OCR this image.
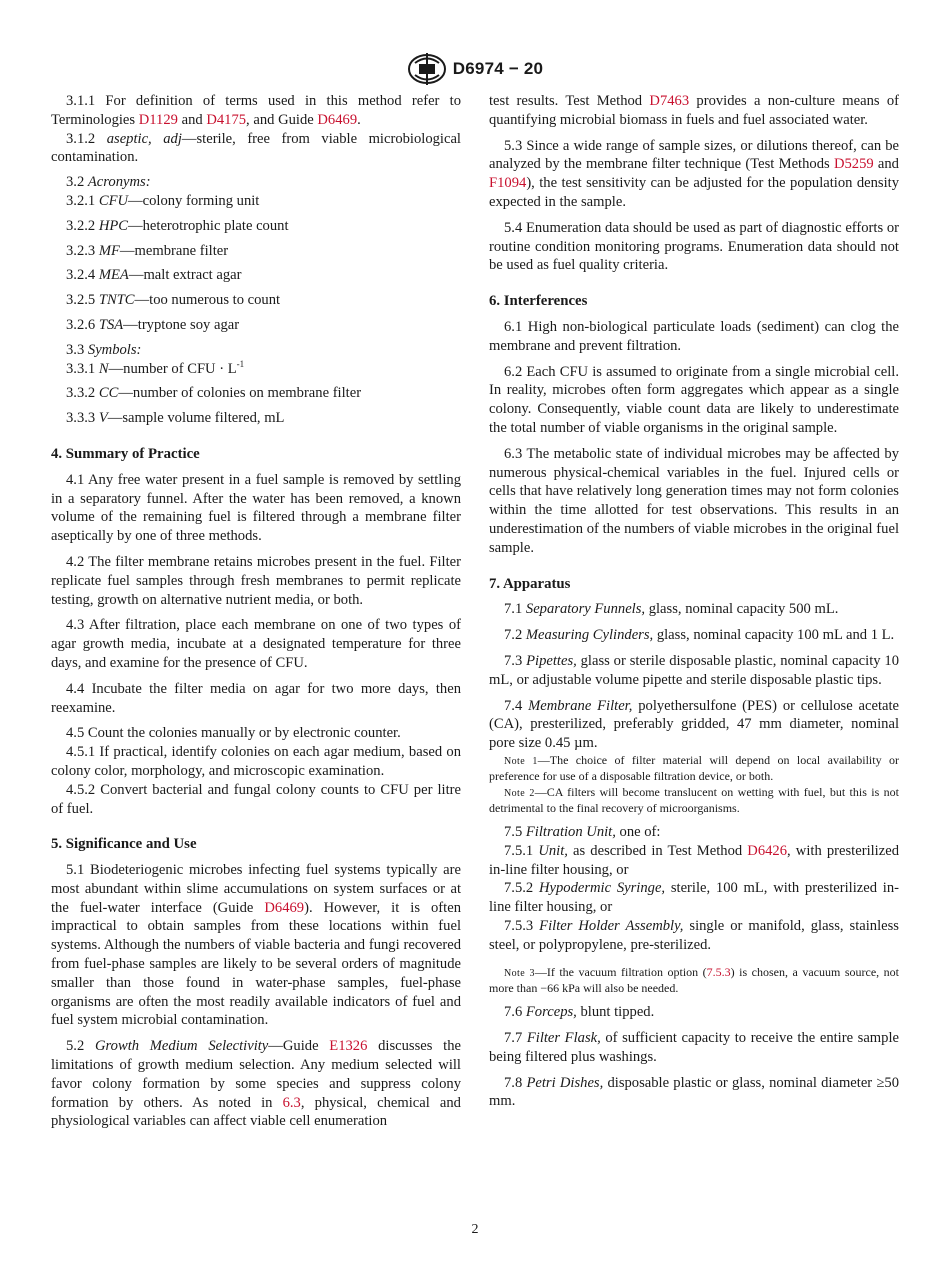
D6974 − 20

3.1.1 For definition of terms used in this method refer to Terminologies D1129 and D4175, and Guide D6469.

3.1.2 aseptic, adj—sterile, free from viable microbiological contamination.

3.2 Acronyms:

3.2.1 CFU—colony forming unit

3.2.2 HPC—heterotrophic plate count

3.2.3 MF—membrane filter

3.2.4 MEA—malt extract agar

3.2.5 TNTC—too numerous to count

3.2.6 TSA—tryptone soy agar

3.3 Symbols:

3.3.1 N—number of CFU · $L^{-1}$

3.3.2 CC—number of colonies on membrane filter

3.3.3 V—sample volume filtered, mL

4. Summary of Practice

4.1 Any free water present in a fuel sample is removed by settling in a separatory funnel. After the water has been removed, a known volume of the remaining fuel is filtered through a membrane filter aseptically by one of three methods.

4.2 The filter membrane retains microbes present in the fuel. Filter replicate fuel samples through fresh membranes to permit replicate testing, growth on alternative nutrient media, or both.

4.3 After filtration, place each membrane on one of two types of agar growth media, incubate at a designated temperature for three days, and examine for the presence of CFU.

4.4 Incubate the filter media on agar for two more days, then reexamine.

4.5 Count the colonies manually or by electronic counter.

4.5.1 If practical, identify colonies on each agar medium, based on colony color, morphology, and microscopic examination.

4.5.2 Convert bacterial and fungal colony counts to CFU per litre of fuel.

5. Significance and Use

5.1 Biodeteriogenic microbes infecting fuel systems typically are most abundant within slime accumulations on system surfaces or at the fuel-water interface (Guide D6469). However, it is often impractical to obtain samples from these locations within fuel systems. Although the numbers of viable bacteria and fungi recovered from fuel-phase samples are likely to be several orders of magnitude smaller than those found in water-phase samples, fuel-phase organisms are often the most readily available indicators of fuel and fuel system microbial contamination.

5.2 Growth Medium Selectivity—Guide E1326 discusses the limitations of growth medium selection. Any medium selected will favor colony formation by some species and suppress colony formation by others. As noted in 6.3, physical, chemical and physiological variables can affect viable cell enumeration

test results. Test Method D7463 provides a non-culture means of quantifying microbial biomass in fuels and fuel associated water.

5.3 Since a wide range of sample sizes, or dilutions thereof, can be analyzed by the membrane filter technique (Test Methods D5259 and F1094), the test sensitivity can be adjusted for the population density expected in the sample.

5.4 Enumeration data should be used as part of diagnostic efforts or routine condition monitoring programs. Enumeration data should not be used as fuel quality criteria.

6. Interferences

6.1 High non-biological particulate loads (sediment) can clog the membrane and prevent filtration.

6.2 Each CFU is assumed to originate from a single microbial cell. In reality, microbes often form aggregates which appear as a single colony. Consequently, viable count data are likely to underestimate the total number of viable organisms in the original sample.

6.3 The metabolic state of individual microbes may be affected by numerous physical-chemical variables in the fuel. Injured cells or cells that have relatively long generation times may not form colonies within the time allotted for test observations. This results in an underestimation of the numbers of viable microbes in the original fuel sample.

7. Apparatus

7.1 Separatory Funnels, glass, nominal capacity 500 mL.

7.2 Measuring Cylinders, glass, nominal capacity 100 mL and 1 L.

7.3 Pipettes, glass or sterile disposable plastic, nominal capacity 10 mL, or adjustable volume pipette and sterile disposable plastic tips.

7.4 Membrane Filter, polyethersulfone (PES) or cellulose acetate (CA), presterilized, preferably gridded, 47 mm diameter, nominal pore size 0.45 µm.

Note 1—The choice of filter material will depend on local availability or preference for use of a disposable filtration device, or both.

Note 2—CA filters will become translucent on wetting with fuel, but this is not detrimental to the final recovery of microorganisms.

7.5 Filtration Unit, one of:

7.5.1 Unit, as described in Test Method D6426, with presterilized in-line filter housing, or

7.5.2 Hypodermic Syringe, sterile, 100 mL, with presterilized in-line filter housing, or

7.5.3 Filter Holder Assembly, single or manifold, glass, stainless steel, or polypropylene, pre-sterilized.

Note 3—If the vacuum filtration option (7.5.3) is chosen, a vacuum source, not more than −66 kPa will also be needed.

7.6 Forceps, blunt tipped.

7.7 Filter Flask, of sufficient capacity to receive the entire sample being filtered plus washings.

7.8 Petri Dishes, disposable plastic or glass, nominal diameter ≥50 mm.

2
